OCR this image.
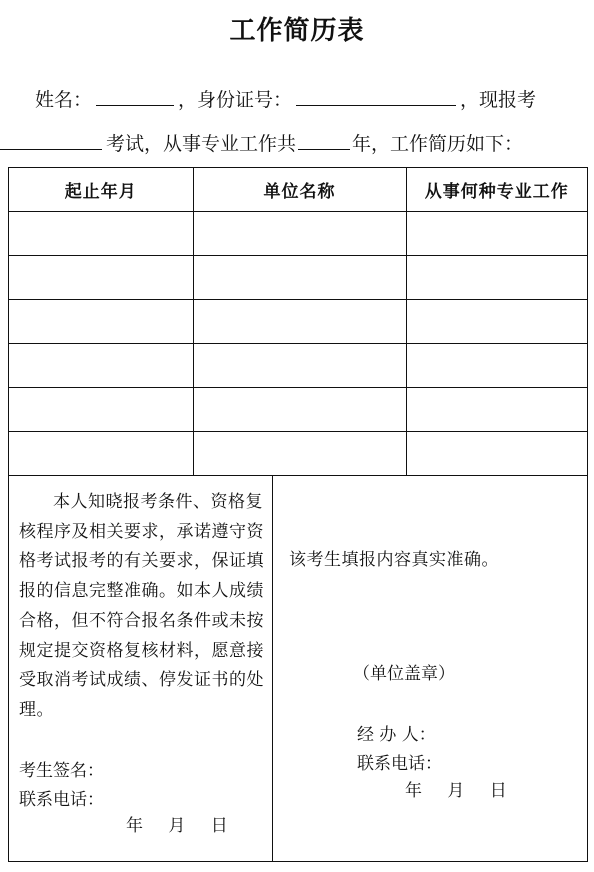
工作简历表
姓名：	，身份证号：	，现报考
考试，从事专业工作共	年，工作简历如下：
起止年月	单位名称	从事何种专业工作

本人知晓报考条件、资格复核程序及相关要求，承诺遵守资格考试报考的有关要求，保证填报的信息完整准确。如本人成绩合格，但不符合报名条件或未按规定提交资格复核材料，愿意接受取消考试成绩、停发证书的处理。
考生签名：
联系电话：
年 月 日
该考生填报内容真实准确。
（单位盖章）
经 办 人：
联系电话：
年 月 日
